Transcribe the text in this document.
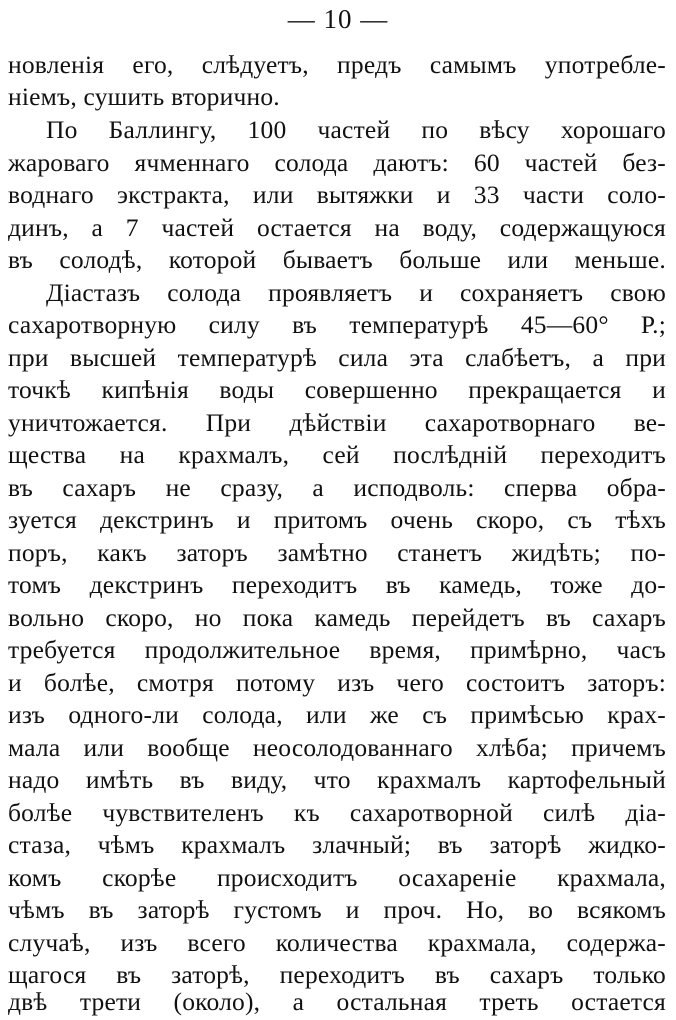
— 10 —
новленія его, слѣдуетъ, предъ самымъ употребле-
ніемъ, сушить вторично.
По Баллингу, 100 частей по вѣсу хорошаго
жароваго ячменнаго солода даютъ: 60 частей без-
воднаго экстракта, или вытяжки и 33 части соло-
динъ, а 7 частей остается на воду, содержащуюся
въ солодѣ, которой бываетъ больше или меньше.
Діастазъ солода проявляетъ и сохраняетъ свою
сахаротворную силу въ температурѣ 45—60° Р.;
при высшей температурѣ сила эта слабѣетъ, а при
точкѣ кипѣнія воды совершенно прекращается и
уничтожается. При дѣйствіи сахаротворнаго ве-
щества на крахмалъ, сей послѣдній переходитъ
въ сахаръ не сразу, а исподволь: сперва обра-
зуется декстринъ и притомъ очень скоро, съ тѣхъ
поръ, какъ заторъ замѣтно станетъ жидѣть; по-
томъ декстринъ переходитъ въ камедь, тоже до-
вольно скоро, но пока камедь перейдетъ въ сахаръ
требуется продолжительное время, примѣрно, часъ
и болѣе, смотря потому изъ чего состоитъ заторъ:
изъ одного-ли солода, или же съ примѣсью крах-
мала или вообще неосолодованнаго хлѣба; причемъ
надо имѣть въ виду, что крахмалъ картофельный
болѣе чувствителенъ къ сахаротворной силѣ діа-
стаза, чѣмъ крахмалъ злачный; въ заторѣ жидко-
комъ скорѣе происходитъ осахареніе крахмала,
чѣмъ въ заторѣ густомъ и проч. Но, во всякомъ
случаѣ, изъ всего количества крахмала, содержа-
щагося въ заторѣ, переходитъ въ сахаръ только
двѣ трети (около), а остальная треть остается
